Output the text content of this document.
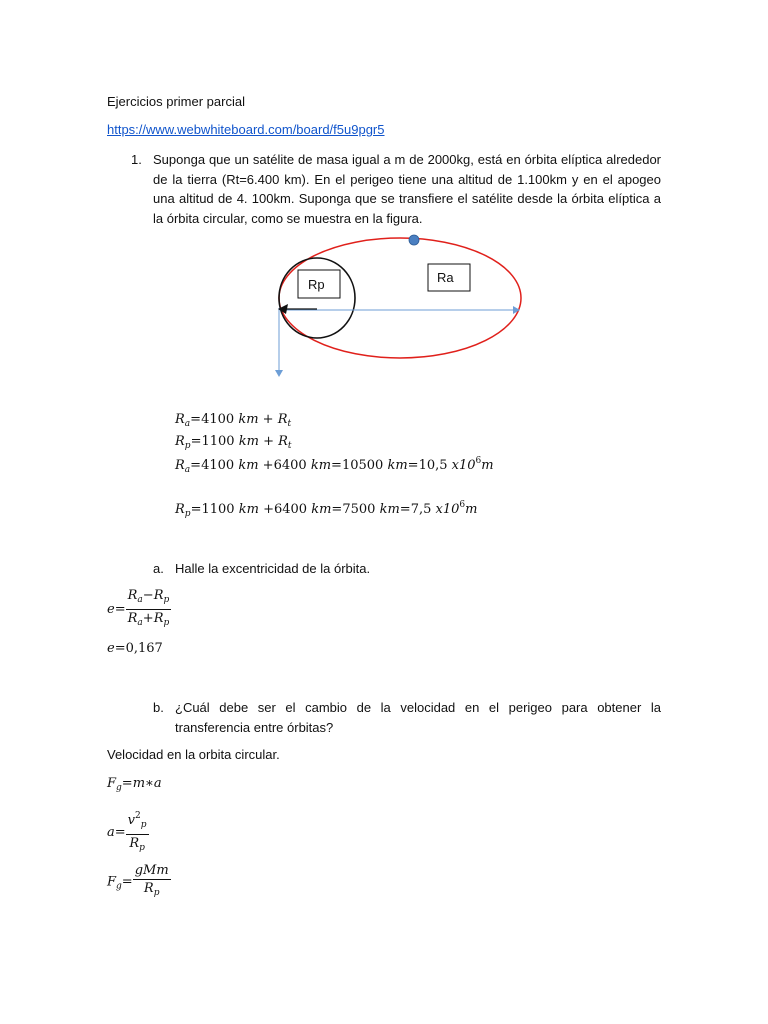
Ejercicios primer parcial
https://www.webwhiteboard.com/board/f5u9pgr5
1. Suponga que un satélite de masa igual a m de 2000kg, está en órbita elíptica alrededor de la tierra (Rt=6.400 km). En el perigeo tiene una altitud de 1.100km y en el apogeo una altitud de 4. 100km. Suponga que se transfiere el satélite desde la órbita elíptica a la órbita circular, como se muestra en la figura.
Rp	Ra
$R_a=4100$ km + $R_t$
$R_p=1100$ km + $R_t$
$R_a=4100$ km +6400 km=10500 km=10,5 $x10^6m$
$R_p=1100$ km +6400 km=7500 km=7,5 $x10^6m$
a. Halle la excentricidad de la órbita.
$e= \frac{R_a-R_p}{R_a+R_p}$
e=0,167
b. ¿Cuál debe ser el cambio de la velocidad en el perigeo para obtener la transferencia entre órbitas?
Velocidad en la orbita circular.
$F_g=m∗a$
$a= \frac{v^2_p}{R_p}$
$F_g= \frac{\text{gMm}}{R_p}$
